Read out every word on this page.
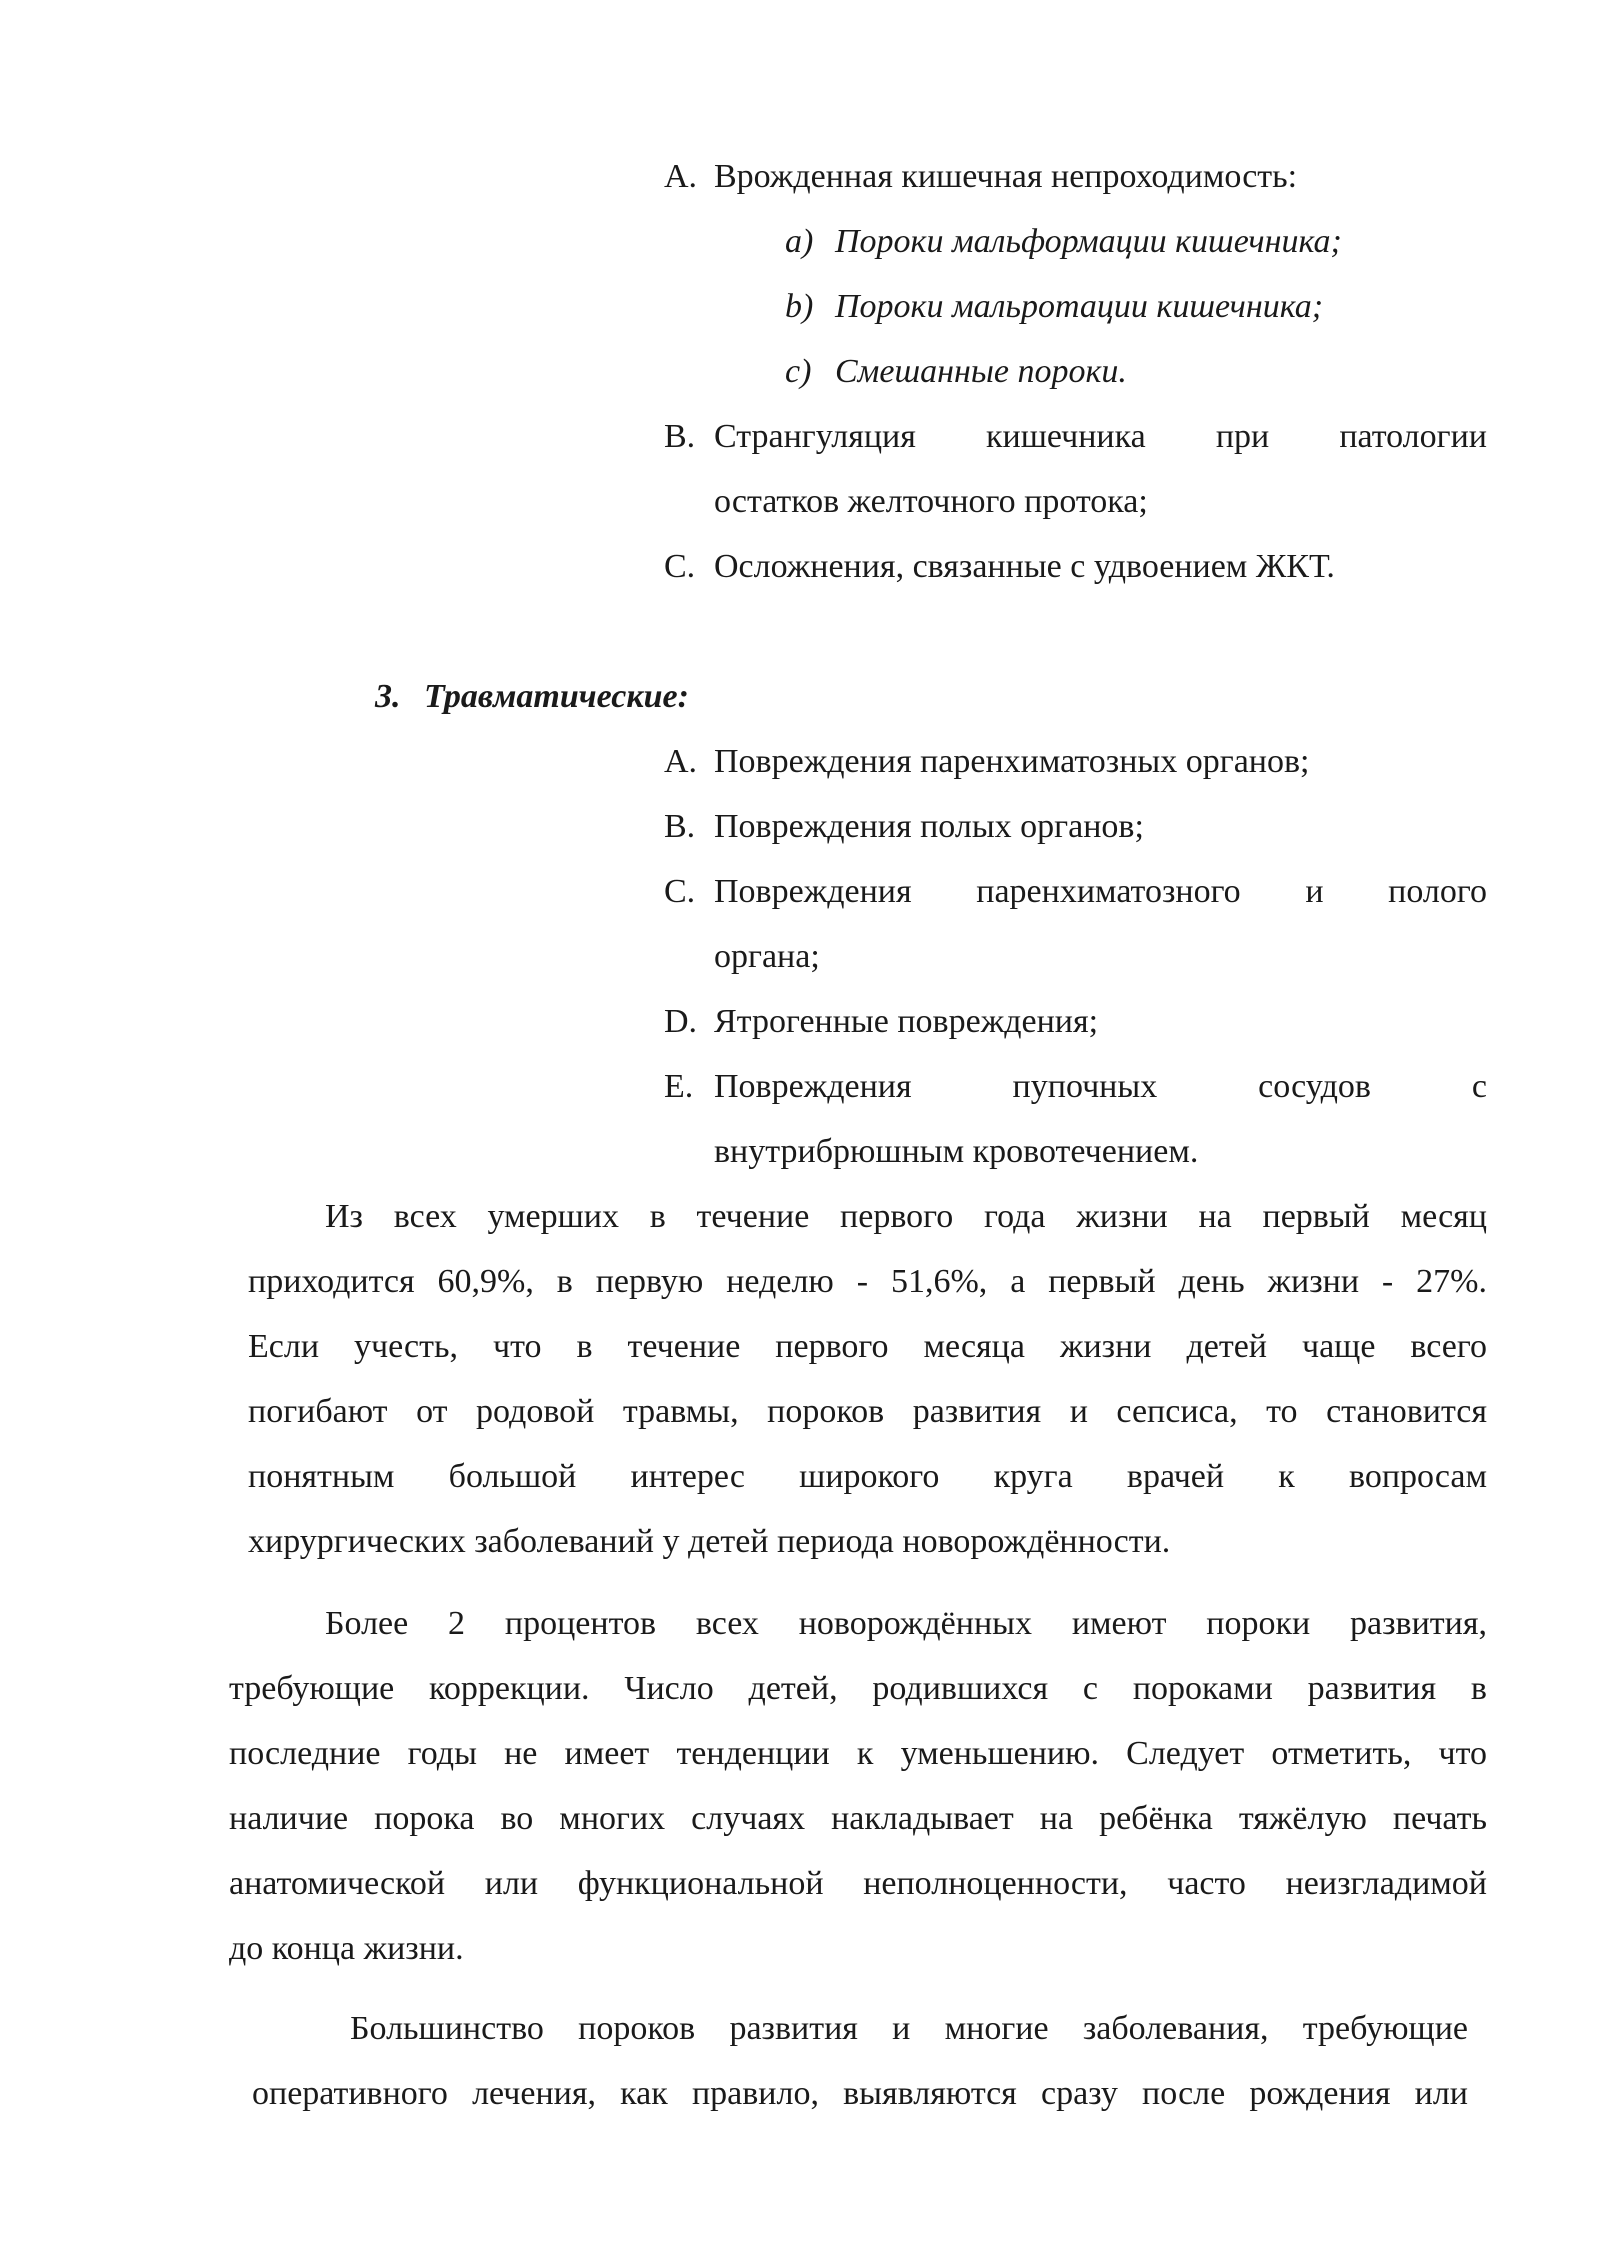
A. Врожденная кишечная непроходимость:
a) Пороки мальформации кишечника;
b) Пороки мальротации кишечника;
c) Смешанные пороки.
B. Странгуляция кишечника при патологии
остатков желточного протока;
C. Осложнения, связанные с удвоением ЖКТ.
3. Травматические:
A. Повреждения паренхиматозных органов;
B. Повреждения полых органов;
C. Повреждения паренхиматозного и полого
органа;
D. Ятрогенные повреждения;
E. Повреждения пупочных сосудов с
внутрибрюшным кровотечением.
Из всех умерших в течение первого года жизни на первый месяц
приходится 60,9%, в первую неделю - 51,6%, а первый день жизни - 27%.
Если учесть, что в течение первого месяца жизни детей чаще всего
погибают от родовой травмы, пороков развития и сепсиса, то становится
понятным большой интерес широкого круга врачей к вопросам
хирургических заболеваний у детей периода новорождённости.
Более 2 процентов всех новорождённых имеют пороки развития,
требующие коррекции. Число детей, родившихся с пороками развития в
последние годы не имеет тенденции к уменьшению. Следует отметить, что
наличие порока во многих случаях накладывает на ребёнка тяжёлую печать
анатомической или функциональной неполноценности, часто неизгладимой
до конца жизни.
Большинство пороков развития и многие заболевания, требующие
оперативного лечения, как правило, выявляются сразу после рождения или
